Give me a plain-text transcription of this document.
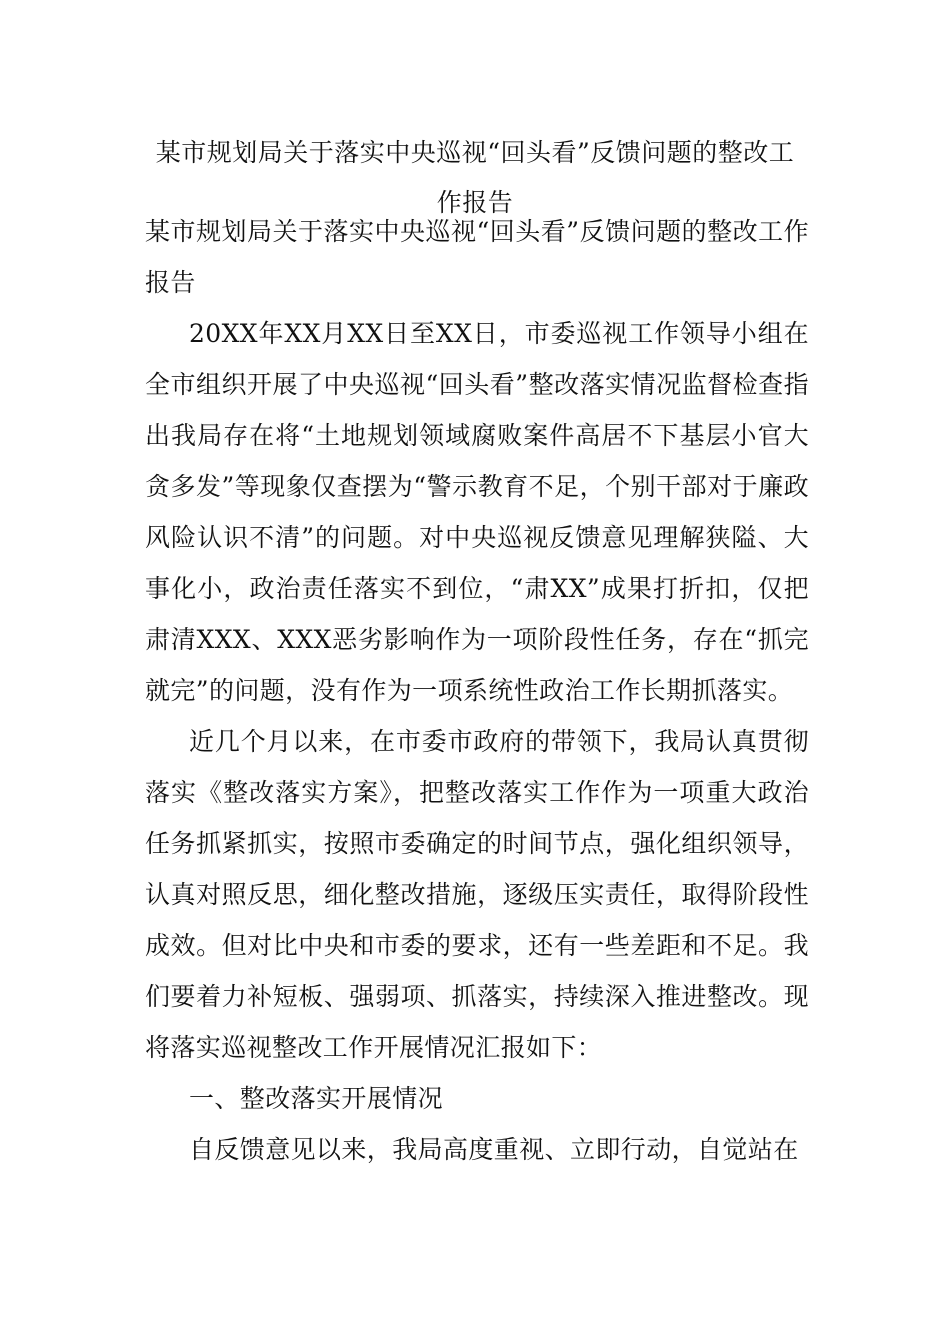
某市规划局关于落实中央巡视“回头看”反馈问题的整改工作报告

某市规划局关于落实中央巡视“回头看”反馈问题的整改工作报告

20XX年XX月XX日至XX日，市委巡视工作领导小组在全市组织开展了中央巡视“回头看”整改落实情况监督检查指出我局存在将“土地规划领域腐败案件高居不下基层小官大贪多发”等现象仅查摆为“警示教育不足，个别干部对于廉政风险认识不清”的问题。对中央巡视反馈意见理解狭隘、大事化小，政治责任落实不到位，“肃XX”成果打折扣，仅把肃清XXX、XXX恶劣影响作为一项阶段性任务，存在“抓完就完”的问题，没有作为一项系统性政治工作长期抓落实。

近几个月以来，在市委市政府的带领下，我局认真贯彻落实《整改落实方案》，把整改落实工作作为一项重大政治任务抓紧抓实，按照市委确定的时间节点，强化组织领导，认真对照反思，细化整改措施，逐级压实责任，取得阶段性成效。但对比中央和市委的要求，还有一些差距和不足。我们要着力补短板、强弱项、抓落实，持续深入推进整改。现将落实巡视整改工作开展情况汇报如下：

一、整改落实开展情况

自反馈意见以来，我局高度重视、立即行动，自觉站在
